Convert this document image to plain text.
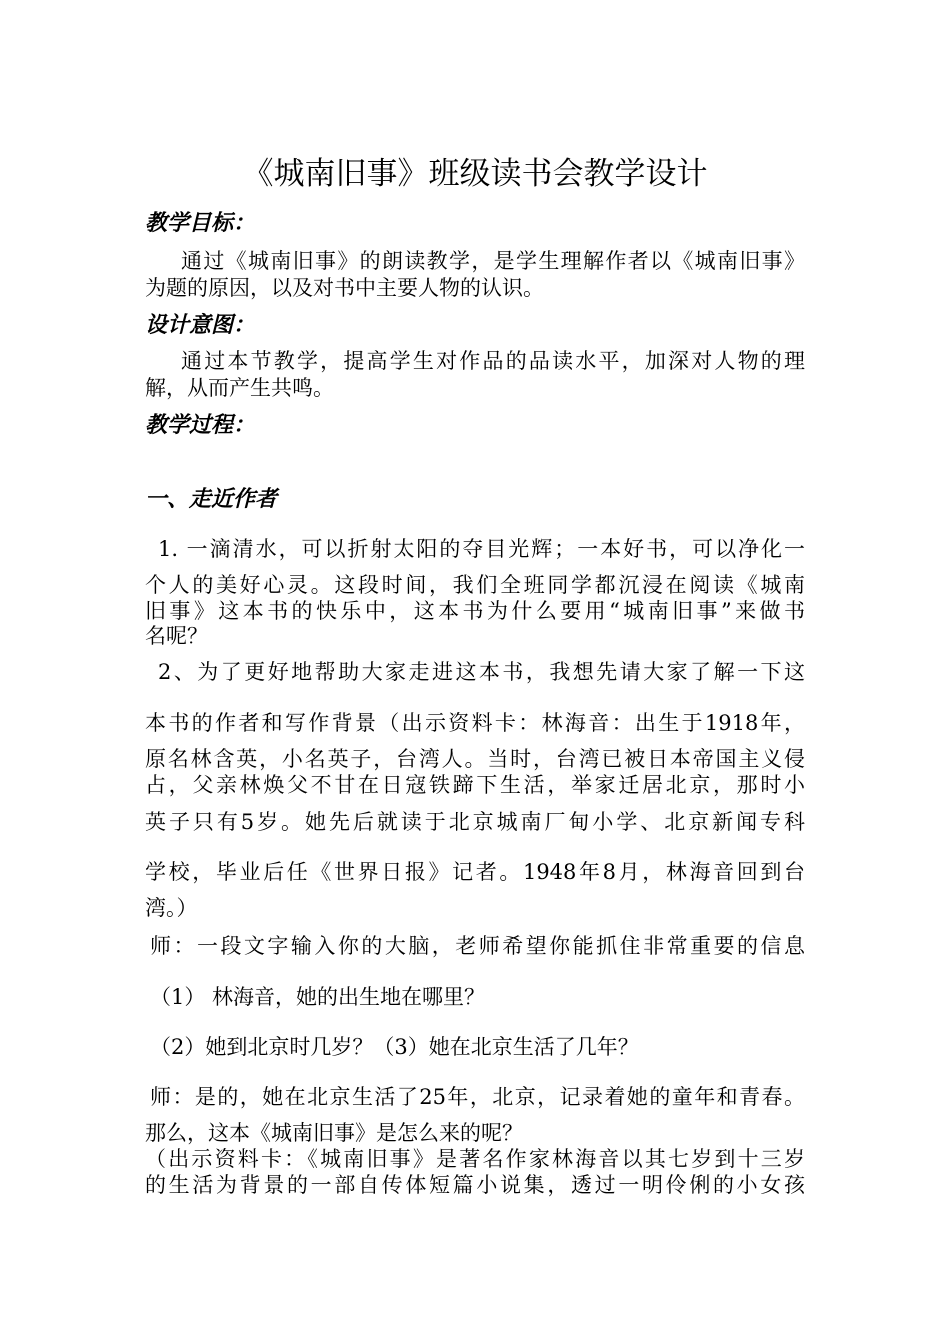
《城南旧事》班级读书会教学设计
教学目标：
通过《城南旧事》的朗读教学，是学生理解作者以《城南旧事》
为题的原因，以及对书中主要人物的认识。
设计意图：
通过本节教学，提高学生对作品的品读水平，加深对人物的理
解，从而产生共鸣。
教学过程：
一、走近作者
1. 一滴清水，可以折射太阳的夺目光辉；一本好书，可以净化一
个人的美好心灵。这段时间，我们全班同学都沉浸在阅读《城南
旧事》这本书的快乐中，这本书为什么要用“城南旧事”来做书
名呢？
2、为了更好地帮助大家走进这本书，我想先请大家了解一下这
本书的作者和写作背景（出示资料卡：林海音：出生于1918年，
原名林含英，小名英子，台湾人。当时，台湾已被日本帝国主义侵
占，父亲林焕父不甘在日寇铁蹄下生活，举家迁居北京，那时小
英子只有5岁。她先后就读于北京城南厂甸小学、北京新闻专科
学校，毕业后任《世界日报》记者。1948年8月，林海音回到台
湾。）
师：一段文字输入你的大脑，老师希望你能抓住非常重要的信息
（1） 林海音，她的出生地在哪里？
（2）她到北京时几岁？（3）她在北京生活了几年？
师：是的，她在北京生活了25年，北京，记录着她的童年和青春。
那么，这本《城南旧事》是怎么来的呢？
（出示资料卡：《城南旧事》是著名作家林海音以其七岁到十三岁
的生活为背景的一部自传体短篇小说集，透过一明伶俐的小女孩
